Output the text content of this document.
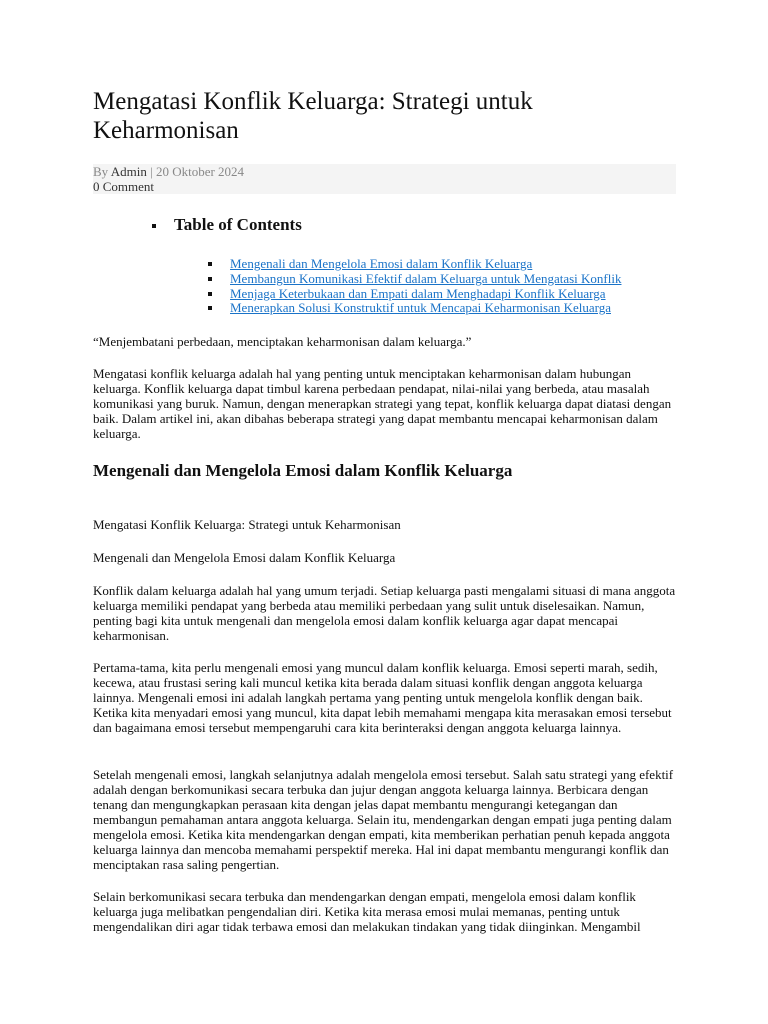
Mengatasi Konflik Keluarga: Strategi untuk Keharmonisan
By Admin | 20 Oktober 2024
0 Comment
Table of Contents
Mengenali dan Mengelola Emosi dalam Konflik Keluarga
Membangun Komunikasi Efektif dalam Keluarga untuk Mengatasi Konflik
Menjaga Keterbukaan dan Empati dalam Menghadapi Konflik Keluarga
Menerapkan Solusi Konstruktif untuk Mencapai Keharmonisan Keluarga

“Menjembatani perbedaan, menciptakan keharmonisan dalam keluarga.”

Mengatasi konflik keluarga adalah hal yang penting untuk menciptakan keharmonisan dalam hubungan keluarga. Konflik keluarga dapat timbul karena perbedaan pendapat, nilai-nilai yang berbeda, atau masalah komunikasi yang buruk. Namun, dengan menerapkan strategi yang tepat, konflik keluarga dapat diatasi dengan baik. Dalam artikel ini, akan dibahas beberapa strategi yang dapat membantu mencapai keharmonisan dalam keluarga.

Mengenali dan Mengelola Emosi dalam Konflik Keluarga

Mengatasi Konflik Keluarga: Strategi untuk Keharmonisan

Mengenali dan Mengelola Emosi dalam Konflik Keluarga

Konflik dalam keluarga adalah hal yang umum terjadi. Setiap keluarga pasti mengalami situasi di mana anggota keluarga memiliki pendapat yang berbeda atau memiliki perbedaan yang sulit untuk diselesaikan. Namun, penting bagi kita untuk mengenali dan mengelola emosi dalam konflik keluarga agar dapat mencapai keharmonisan.

Pertama-tama, kita perlu mengenali emosi yang muncul dalam konflik keluarga. Emosi seperti marah, sedih, kecewa, atau frustasi sering kali muncul ketika kita berada dalam situasi konflik dengan anggota keluarga lainnya. Mengenali emosi ini adalah langkah pertama yang penting untuk mengelola konflik dengan baik. Ketika kita menyadari emosi yang muncul, kita dapat lebih memahami mengapa kita merasakan emosi tersebut dan bagaimana emosi tersebut mempengaruhi cara kita berinteraksi dengan anggota keluarga lainnya.

Setelah mengenali emosi, langkah selanjutnya adalah mengelola emosi tersebut. Salah satu strategi yang efektif adalah dengan berkomunikasi secara terbuka dan jujur dengan anggota keluarga lainnya. Berbicara dengan tenang dan mengungkapkan perasaan kita dengan jelas dapat membantu mengurangi ketegangan dan membangun pemahaman antara anggota keluarga. Selain itu, mendengarkan dengan empati juga penting dalam mengelola emosi. Ketika kita mendengarkan dengan empati, kita memberikan perhatian penuh kepada anggota keluarga lainnya dan mencoba memahami perspektif mereka. Hal ini dapat membantu mengurangi konflik dan menciptakan rasa saling pengertian.

Selain berkomunikasi secara terbuka dan mendengarkan dengan empati, mengelola emosi dalam konflik keluarga juga melibatkan pengendalian diri. Ketika kita merasa emosi mulai memanas, penting untuk mengendalikan diri agar tidak terbawa emosi dan melakukan tindakan yang tidak diinginkan. Mengambil
